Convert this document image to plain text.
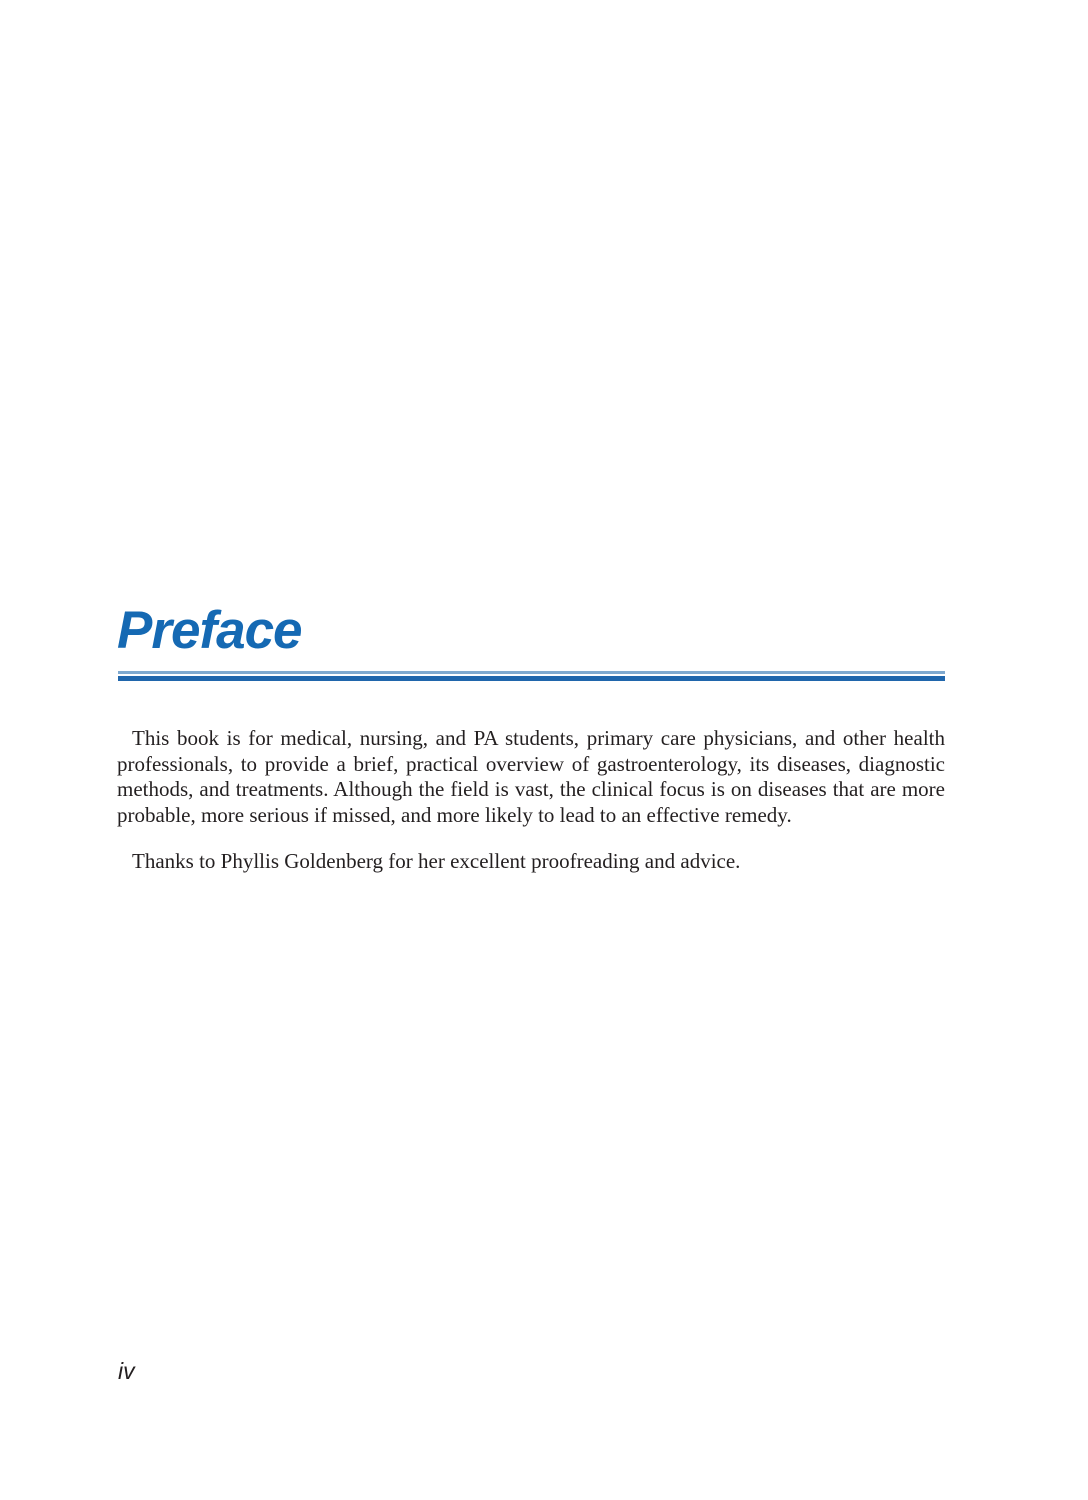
Preface

This book is for medical, nursing, and PA students, primary care physicians, and other health professionals, to provide a brief, practical overview of gastroenterology, its diseases, diagnostic methods, and treatments. Although the field is vast, the clinical focus is on diseases that are more probable, more serious if missed, and more likely to lead to an effective remedy.

Thanks to Phyllis Goldenberg for her excellent proofreading and advice.

iv
